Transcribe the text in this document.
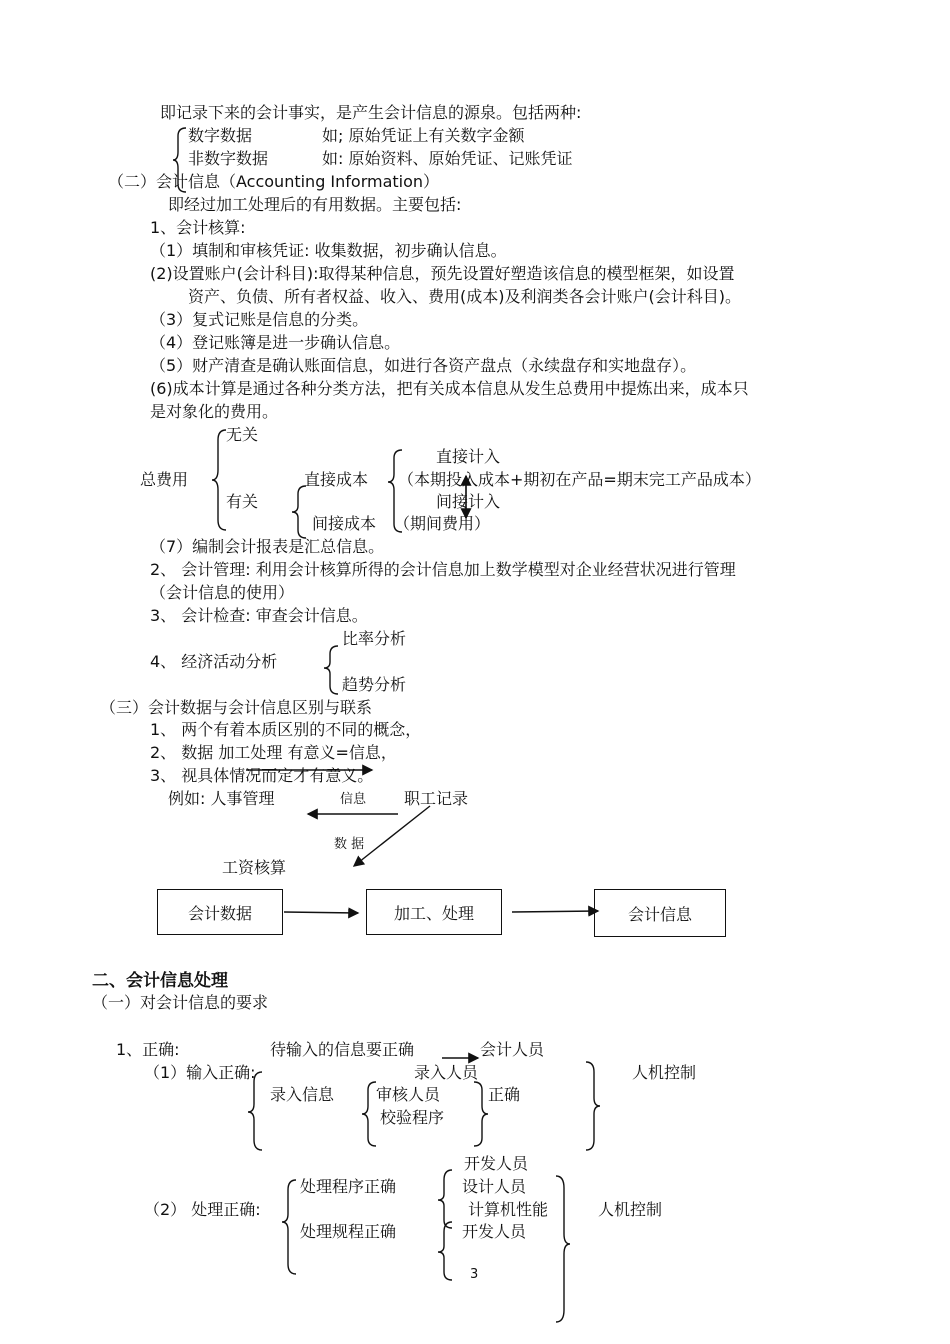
即记录下来的会计事实，是产生会计信息的源泉。包括两种:
数字数据	如; 原始凭证上有关数字金额
非数字数据	如: 原始资料、原始凭证、记账凭证
（二）会计信息（Accounting Information）
即经过加工处理后的有用数据。主要包括:
1、会计核算:
（1）填制和审核凭证: 收集数据，初步确认信息。
(2)设置账户(会计科目):取得某种信息，预先设置好塑造该信息的模型框架，如设置
资产、负债、所有者权益、收入、费用(成本)及利润类各会计账户(会计科目)。
（3）复式记账是信息的分类。
（4）登记账簿是进一步确认信息。
（5）财产清查是确认账面信息，如进行各资产盘点（永续盘存和实地盘存）。
(6)成本计算是通过各种分类方法，把有关成本信息从发生总费用中提炼出来，成本只
是对象化的费用。
无关
总费用
有关
直接成本
间接成本
直接计入
（本期投入成本+期初在产品=期末完工产品成本）
间接计入
（期间费用）
（7）编制会计报表是汇总信息。
2、 会计管理: 利用会计核算所得的会计信息加上数学模型对企业经营状况进行管理
（会计信息的使用）
3、 会计检查: 审查会计信息。
比率分析
4、 经济活动分析
趋势分析
（三）会计数据与会计信息区别与联系
1、 两个有着本质区别的不同的概念，
2、 数据 加工处理 有意义=信息，
3、 视具体情况而定才有意义。
例如: 人事管理	信息 职工记录
数 据
工资核算
会计数据	加工、处理	会计信息
二、会计信息处理
（一）对会计信息的要求
1、正确:	待输入的信息要正确	会计人员
（1）输入正确:	录入人员	人机控制
录入信息	审核人员	正确
校验程序
开发人员
处理程序正确	设计人员
（2） 处理正确:	计算机性能	人机控制
处理规程正确	开发人员
3
